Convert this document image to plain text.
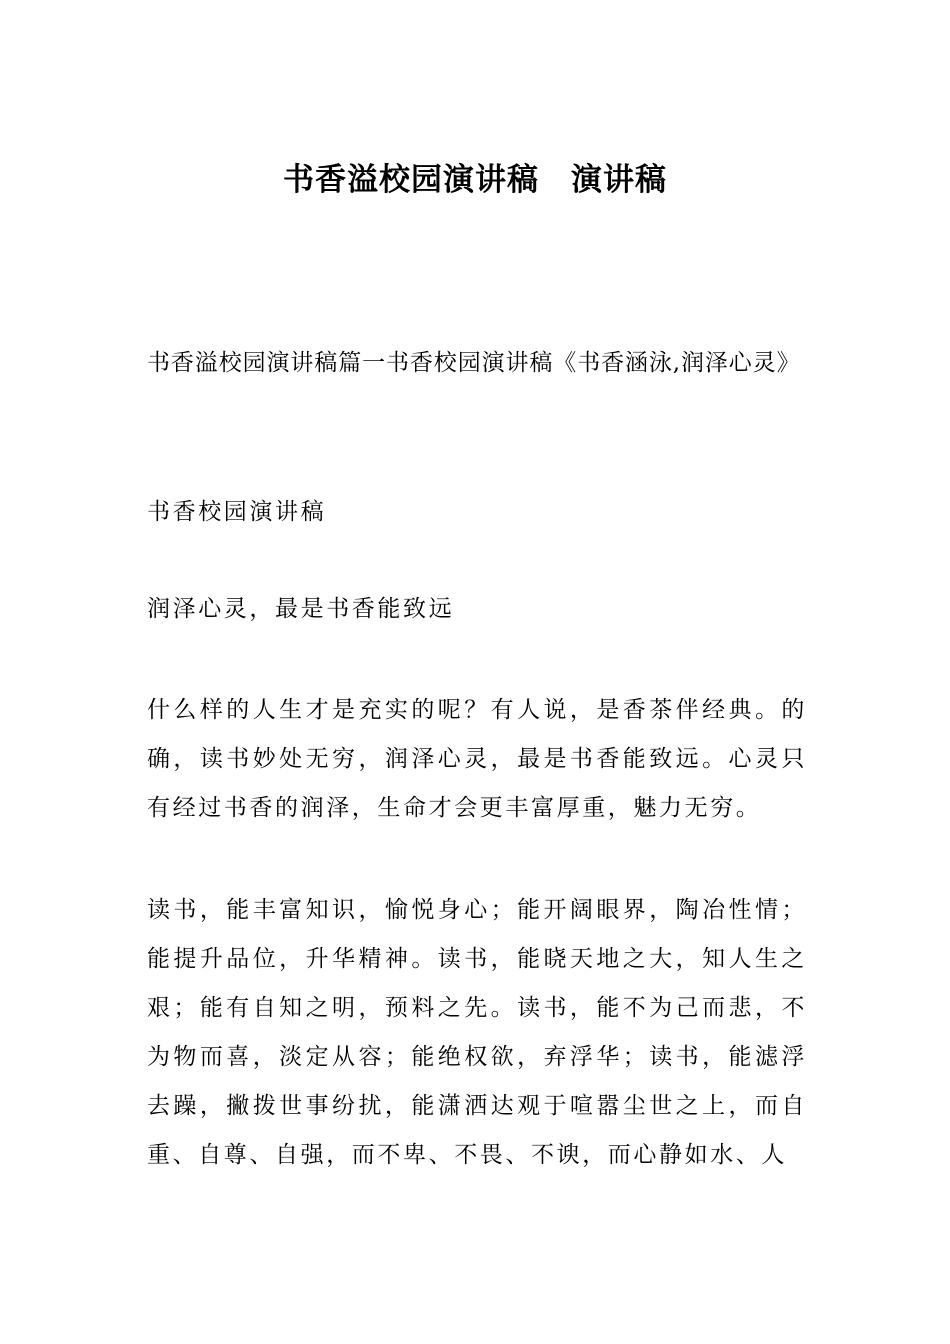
书香溢校园演讲稿　演讲稿

书香溢校园演讲稿篇一书香校园演讲稿《书香涵泳,润泽心灵》

书香校园演讲稿

润泽心灵，最是书香能致远

什么样的人生才是充实的呢？有人说，是香茶伴经典。的确，读书妙处无穷，润泽心灵，最是书香能致远。心灵只有经过书香的润泽，生命才会更丰富厚重，魅力无穷。

读书，能丰富知识，愉悦身心；能开阔眼界，陶冶性情；能提升品位，升华精神。读书，能晓天地之大，知人生之艰；能有自知之明，预料之先。读书，能不为己而悲，不为物而喜，淡定从容；能绝权欲，弃浮华；读书，能滤浮去躁，撇拨世事纷扰，能潇洒达观于喧嚣尘世之上，而自重、自尊、自强，而不卑、不畏、不谀，而心静如水、人
